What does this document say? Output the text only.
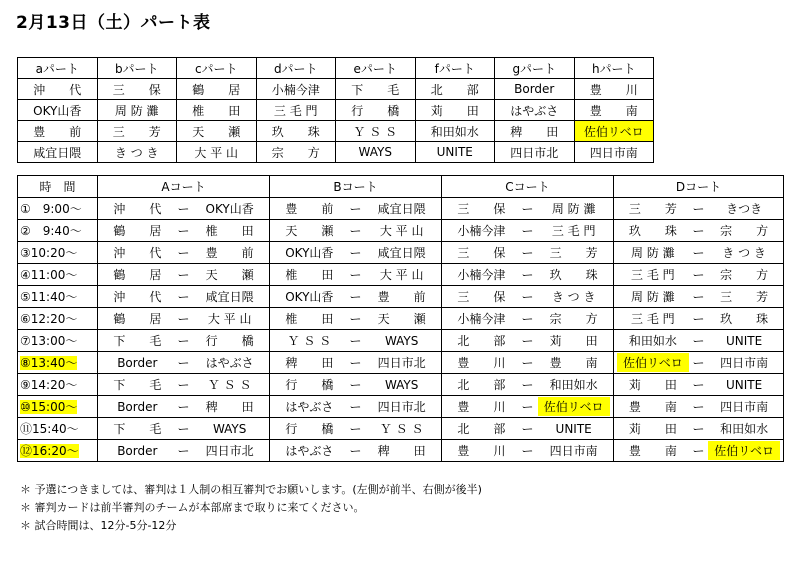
2月13日（土）パート表
aパート	bパート	cパート	dパート	eパート	fパート	gパート	hパート
沖　　代	三　　保	鶴　　居	小楠今津	下　　毛	北　　部	Border	豊　　川
OKY山香	周 防 灘	椎　　田	三 毛 門	行　　橋	苅　　田	はやぶさ	豊　　南
豊　　前	三　　芳	天　　瀬	玖　　珠	Ｙ Ｓ Ｓ	和田如水	稗　　田	佐伯リベロ
咸宜日隈	き つ き	大 平 山	宗　　方	WAYS	UNITE	四日市北	四日市南
時　間	Aコート	Bコート	Cコート	Dコート
①　9:00～	沖　　代 ー OKY山香	豊　　前 ー 咸宜日隈	三　　保 ー 周 防 灘	三　　芳 ー きつき

②　9:40～	鶴　　居 ー 椎　　田	天　　瀬 ー 大 平 山	小楠今津 ー 三 毛 門	玖　　珠 ー 宗　　方

③10:20～	沖　　代 ー 豊　　前	OKY山香 ー 咸宜日隈	三　　保 ー 三　　芳	周 防 灘 ー き つ き

④11:00～	鶴　　居 ー 天　　瀬	椎　　田 ー 大 平 山	小楠今津 ー 玖　　珠	三 毛 門 ー 宗　　方

⑤11:40～	沖　　代 ー 咸宜日隈	OKY山香 ー 豊　　前	三　　保 ー き つ き	周 防 灘 ー 三　　芳

⑥12:20～	鶴　　居 ー 大 平 山	椎　　田 ー 天　　瀬	小楠今津 ー 宗　　方	三 毛 門 ー 玖　　珠

⑦13:00～	下　　毛 ー 行　　橋	Ｙ Ｓ Ｓ ー WAYS	北　　部 ー 苅　　田	和田如水 ー UNITE

⑧13:40～	Border ー はやぶさ	稗　　田 ー 四日市北	豊　　川 ー 豊　　南	佐伯リベロ ー 四日市南

⑨14:20～	下　　毛 ー Ｙ Ｓ Ｓ	行　　橋 ー WAYS	北　　部 ー 和田如水	苅　　田 ー UNITE

⑩15:00～	Border ー 稗　　田	はやぶさ ー 四日市北	豊　　川 ー 佐伯リベロ	豊　　南 ー 四日市南

⑪15:40～	下　　毛 ー WAYS	行　　橋 ー Ｙ Ｓ Ｓ	北　　部 ー UNITE	苅　　田 ー 和田如水

⑫16:20～	Border ー 四日市北	はやぶさ ー 稗　　田	豊　　川 ー 四日市南	豊　　南 ー 佐伯リベロ
＊ 予選につきましては、審判は１人制の相互審判でお願いします。(左側が前半、右側が後半)
＊ 審判カードは前半審判のチームが本部席まで取りに来てください。
＊ 試合時間は、12分-5分-12分
